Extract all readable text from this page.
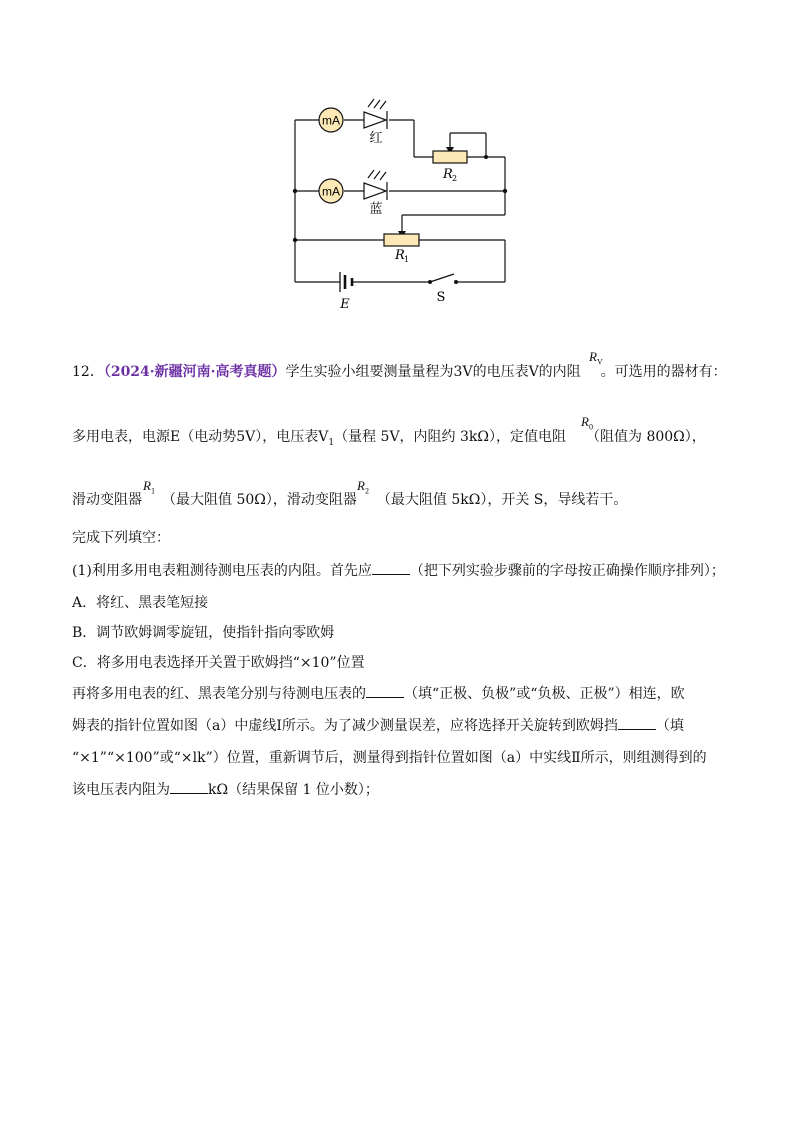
mA
mA
红
蓝
R 2
R 1
E	S
12．（2024·新疆河南·高考真题）学生实验小组要测量量程为3V的电压表V的内阻 。可选用的器材有：
$R_V$
多用电表，电源E（电动势5V），电压表$V_1$（量程 5V，内阻约 3kΩ），定值电阻 （阻值为 800Ω），
$R_0$
滑动变阻器 （最大阻值 50Ω），滑动变阻器 （最大阻值 5kΩ），开关 S，导线若干。
$R_1$	$R_2$
完成下列填空：
(1)利用多用电表粗测待测电压表的内阻。首先应	（把下列实验步骤前的字母按正确操作顺序排列）；
A．将红、黑表笔短接
B．调节欧姆调零旋钮，使指针指向零欧姆
C．将多用电表选择开关置于欧姆挡“×10”位置
再将多用电表的红、黑表笔分别与待测电压表的	（填“正极、负极”或“负极、正极”）相连，欧
姆表的指针位置如图（a）中虚线Ⅰ所示。为了减少测量误差，应将选择开关旋转到欧姆挡	（填
“×1”“×100”或“×lk”）位置，重新调节后，测量得到指针位置如图（a）中实线Ⅱ所示，则组测得到的
该电压表内阻为	kΩ（结果保留 1 位小数）；
